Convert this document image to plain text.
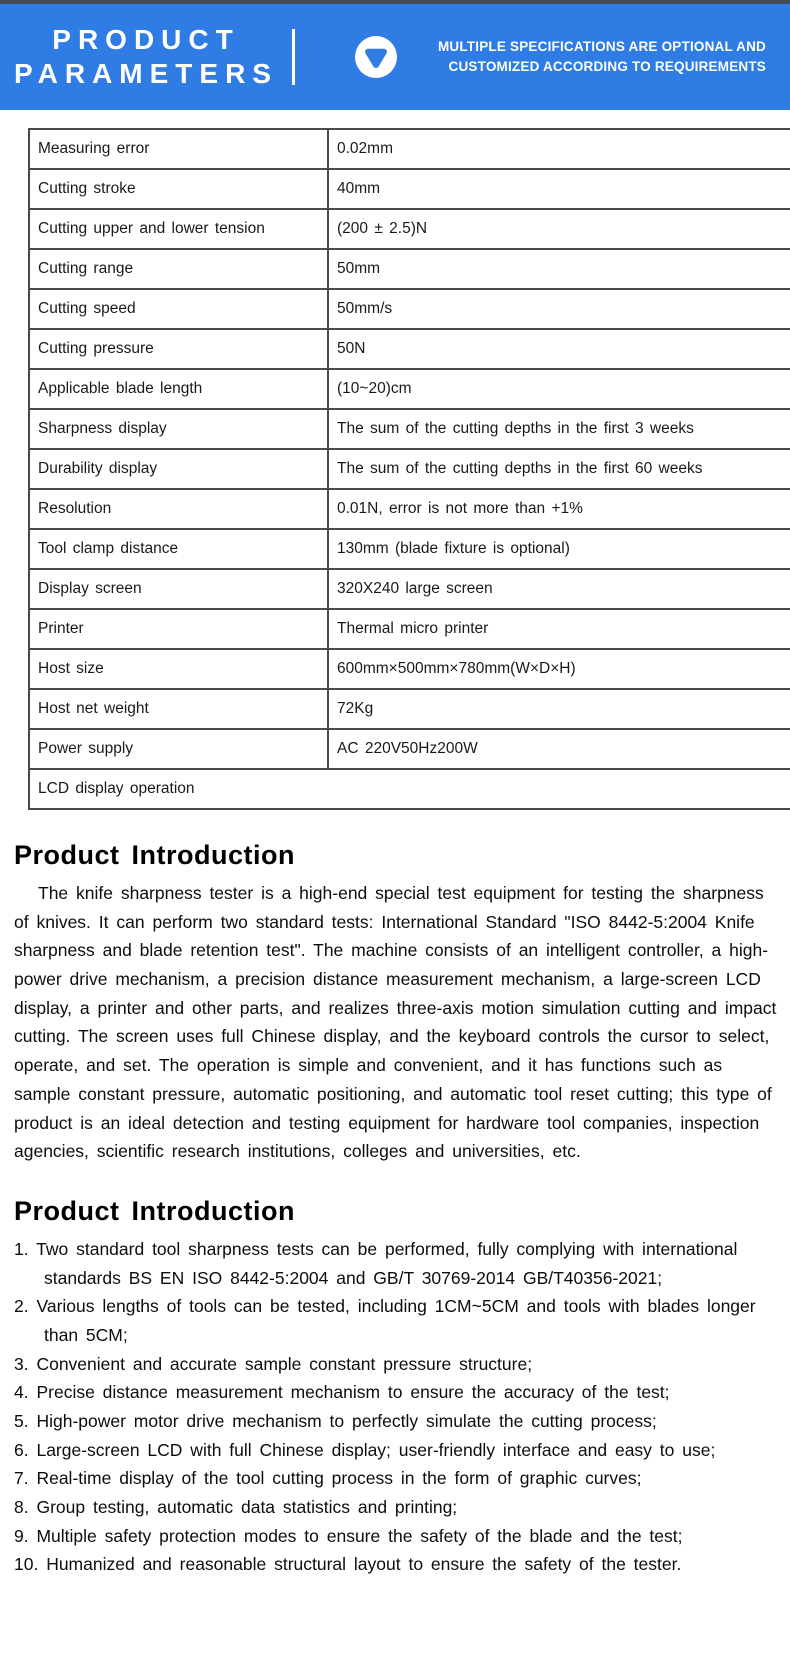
PRODUCT
PARAMETERS
MULTIPLE SPECIFICATIONS ARE OPTIONAL AND
CUSTOMIZED ACCORDING TO REQUIREMENTS
Measuring error	0.02mm
Cutting stroke	40mm
Cutting upper and lower tension	(200 ± 2.5)N
Cutting range	50mm
Cutting speed	50mm/s
Cutting pressure	50N
Applicable blade length	(10~20)cm
Sharpness display	The sum of the cutting depths in the first 3 weeks
Durability display	The sum of the cutting depths in the first 60 weeks
Resolution	0.01N, error is not more than +1%
Tool clamp distance	130mm (blade fixture is optional)
Display screen	320X240 large screen
Printer	Thermal micro printer
Host size	600mm×500mm×780mm(W×D×H)
Host net weight	72Kg
Power supply	AC 220V50Hz200W
LCD display operation	
Product Introduction
The knife sharpness tester is a high-end special test equipment for testing the sharpness of knives. It can perform two standard tests: International Standard "ISO 8442-5:2004 Knife sharpness and blade retention test". The machine consists of an intelligent controller, a high-power drive mechanism, a precision distance measurement mechanism, a large-screen LCD display, a printer and other parts, and realizes three-axis motion simulation cutting and impact cutting. The screen uses full Chinese display, and the keyboard controls the cursor to select, operate, and set. The operation is simple and convenient, and it has functions such as sample constant pressure, automatic positioning, and automatic tool reset cutting; this type of product is an ideal detection and testing equipment for hardware tool companies, inspection agencies, scientific research institutions, colleges and universities, etc.
Product Introduction
1. Two standard tool sharpness tests can be performed, fully complying with international standards BS EN ISO 8442-5:2004 and GB/T 30769-2014 GB/T40356-2021;
2. Various lengths of tools can be tested, including 1CM~5CM and tools with blades longer than 5CM;
3. Convenient and accurate sample constant pressure structure;
4. Precise distance measurement mechanism to ensure the accuracy of the test;
5. High-power motor drive mechanism to perfectly simulate the cutting process;
6. Large-screen LCD with full Chinese display; user-friendly interface and easy to use;
7. Real-time display of the tool cutting process in the form of graphic curves;
8. Group testing, automatic data statistics and printing;
9. Multiple safety protection modes to ensure the safety of the blade and the test;
10. Humanized and reasonable structural layout to ensure the safety of the tester.
